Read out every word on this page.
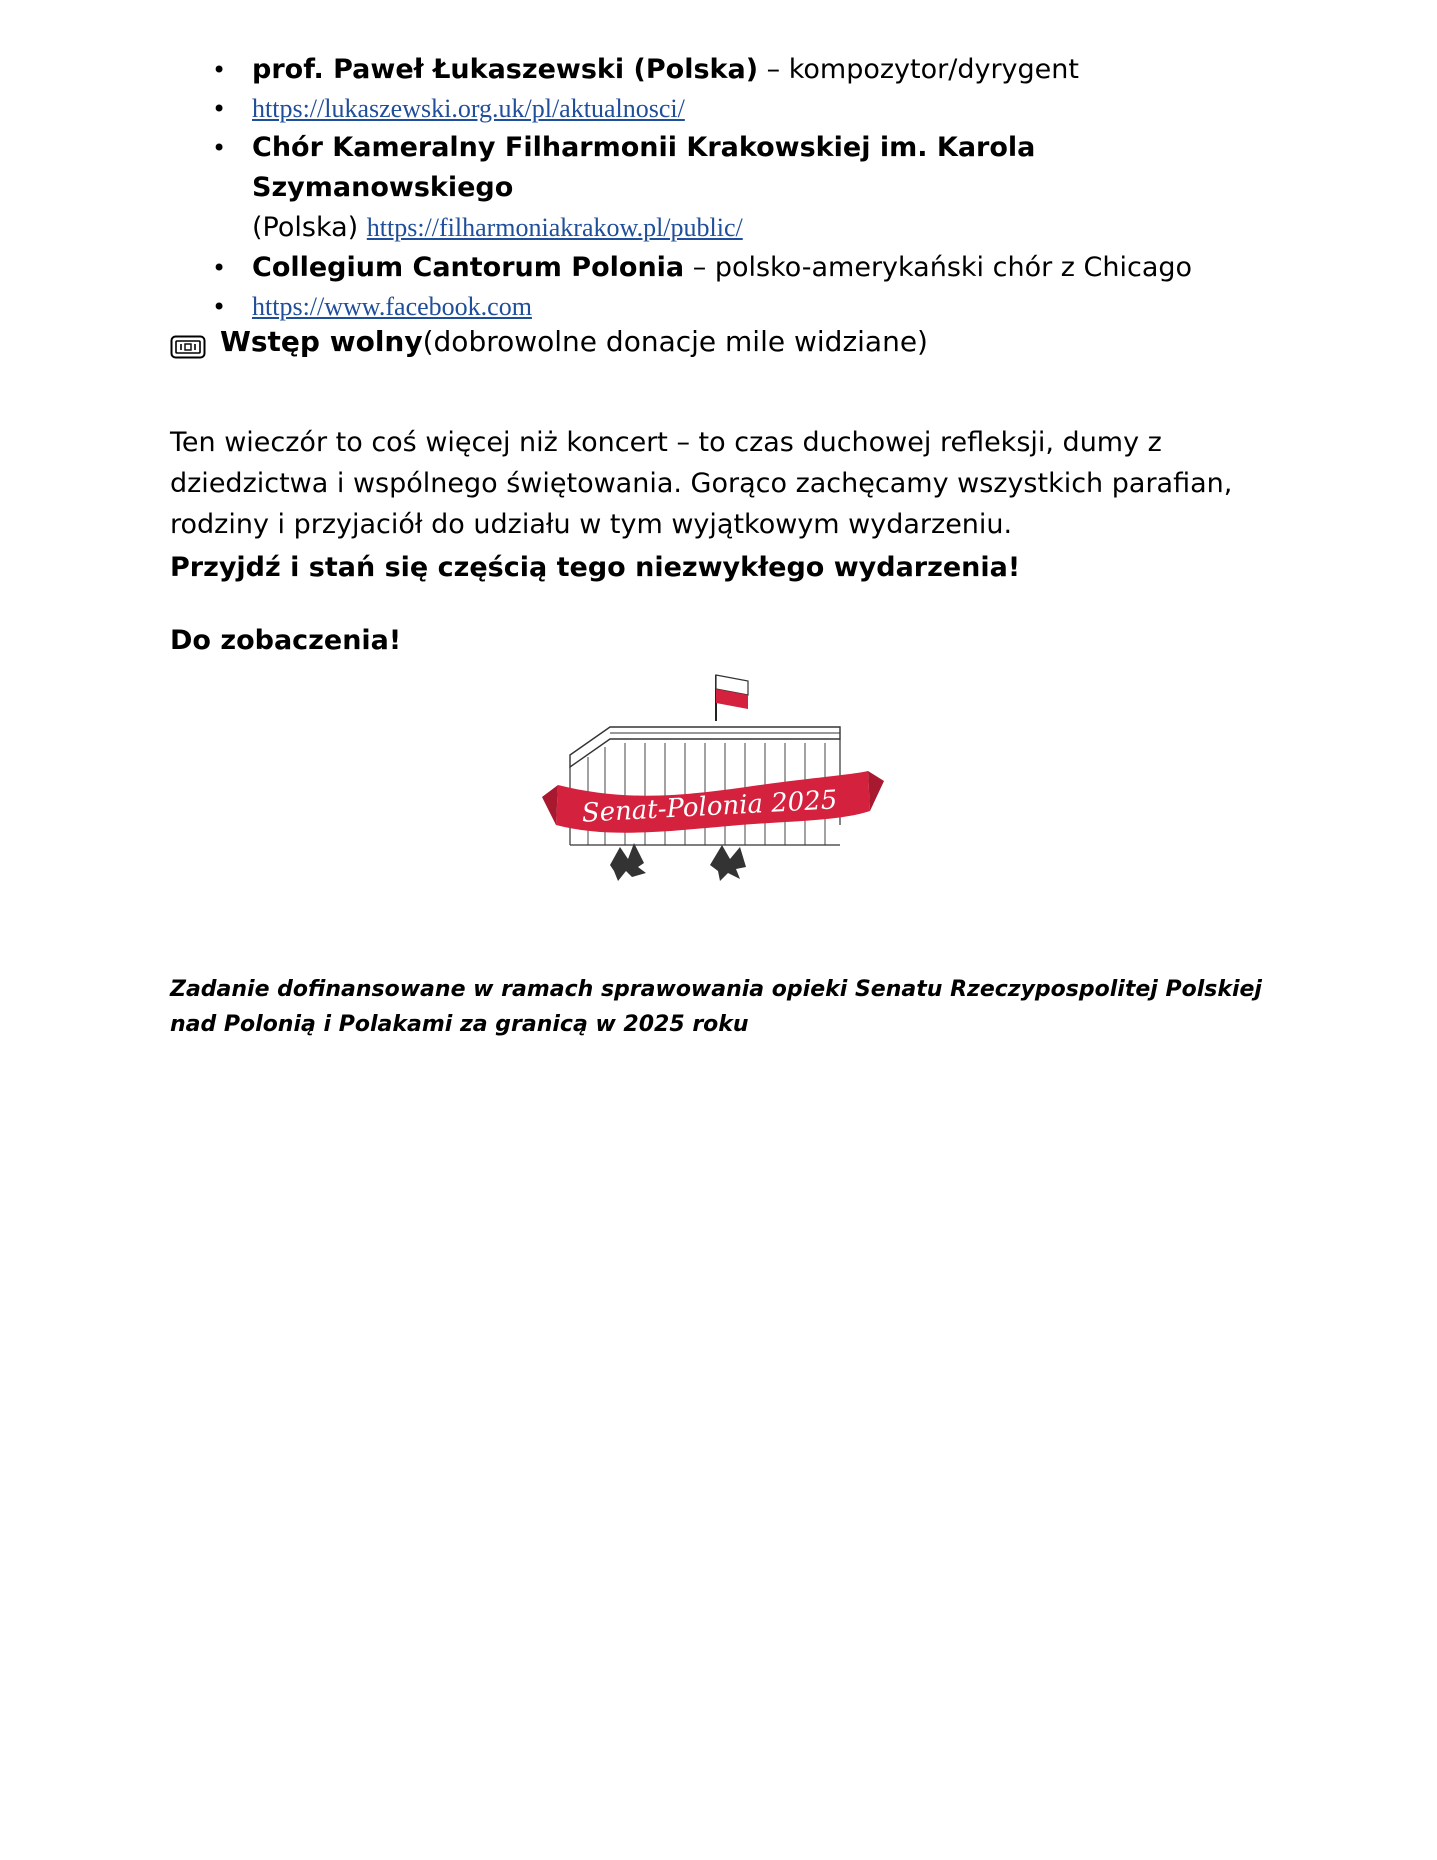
• prof. Paweł Łukaszewski (Polska) – kompozytor/dyrygent
• https://lukaszewski.org.uk/pl/aktualnosci/
• Chór Kameralny Filharmonii Krakowskiej im. Karola Szymanowskiego
(Polska) https://filharmoniakrakow.pl/public/
• Collegium Cantorum Polonia – polsko-amerykański chór z Chicago
• https://www.facebook.com
Wstęp wolny (dobrowolne donacje mile widziane)

Ten wieczór to coś więcej niż koncert – to czas duchowej refleksji, dumy z dziedzictwa i wspólnego świętowania. Gorąco zachęcamy wszystkich parafian, rodziny i przyjaciół do udziału w tym wyjątkowym wydarzeniu.

Przyjdź i stań się częścią tego niezwykłego wydarzenia!
Do zobaczenia!
Senat-Polonia 2025
Zadanie dofinansowane w ramach sprawowania opieki Senatu Rzeczypospolitej Polskiej nad Polonią i Polakami za granicą w 2025 roku
